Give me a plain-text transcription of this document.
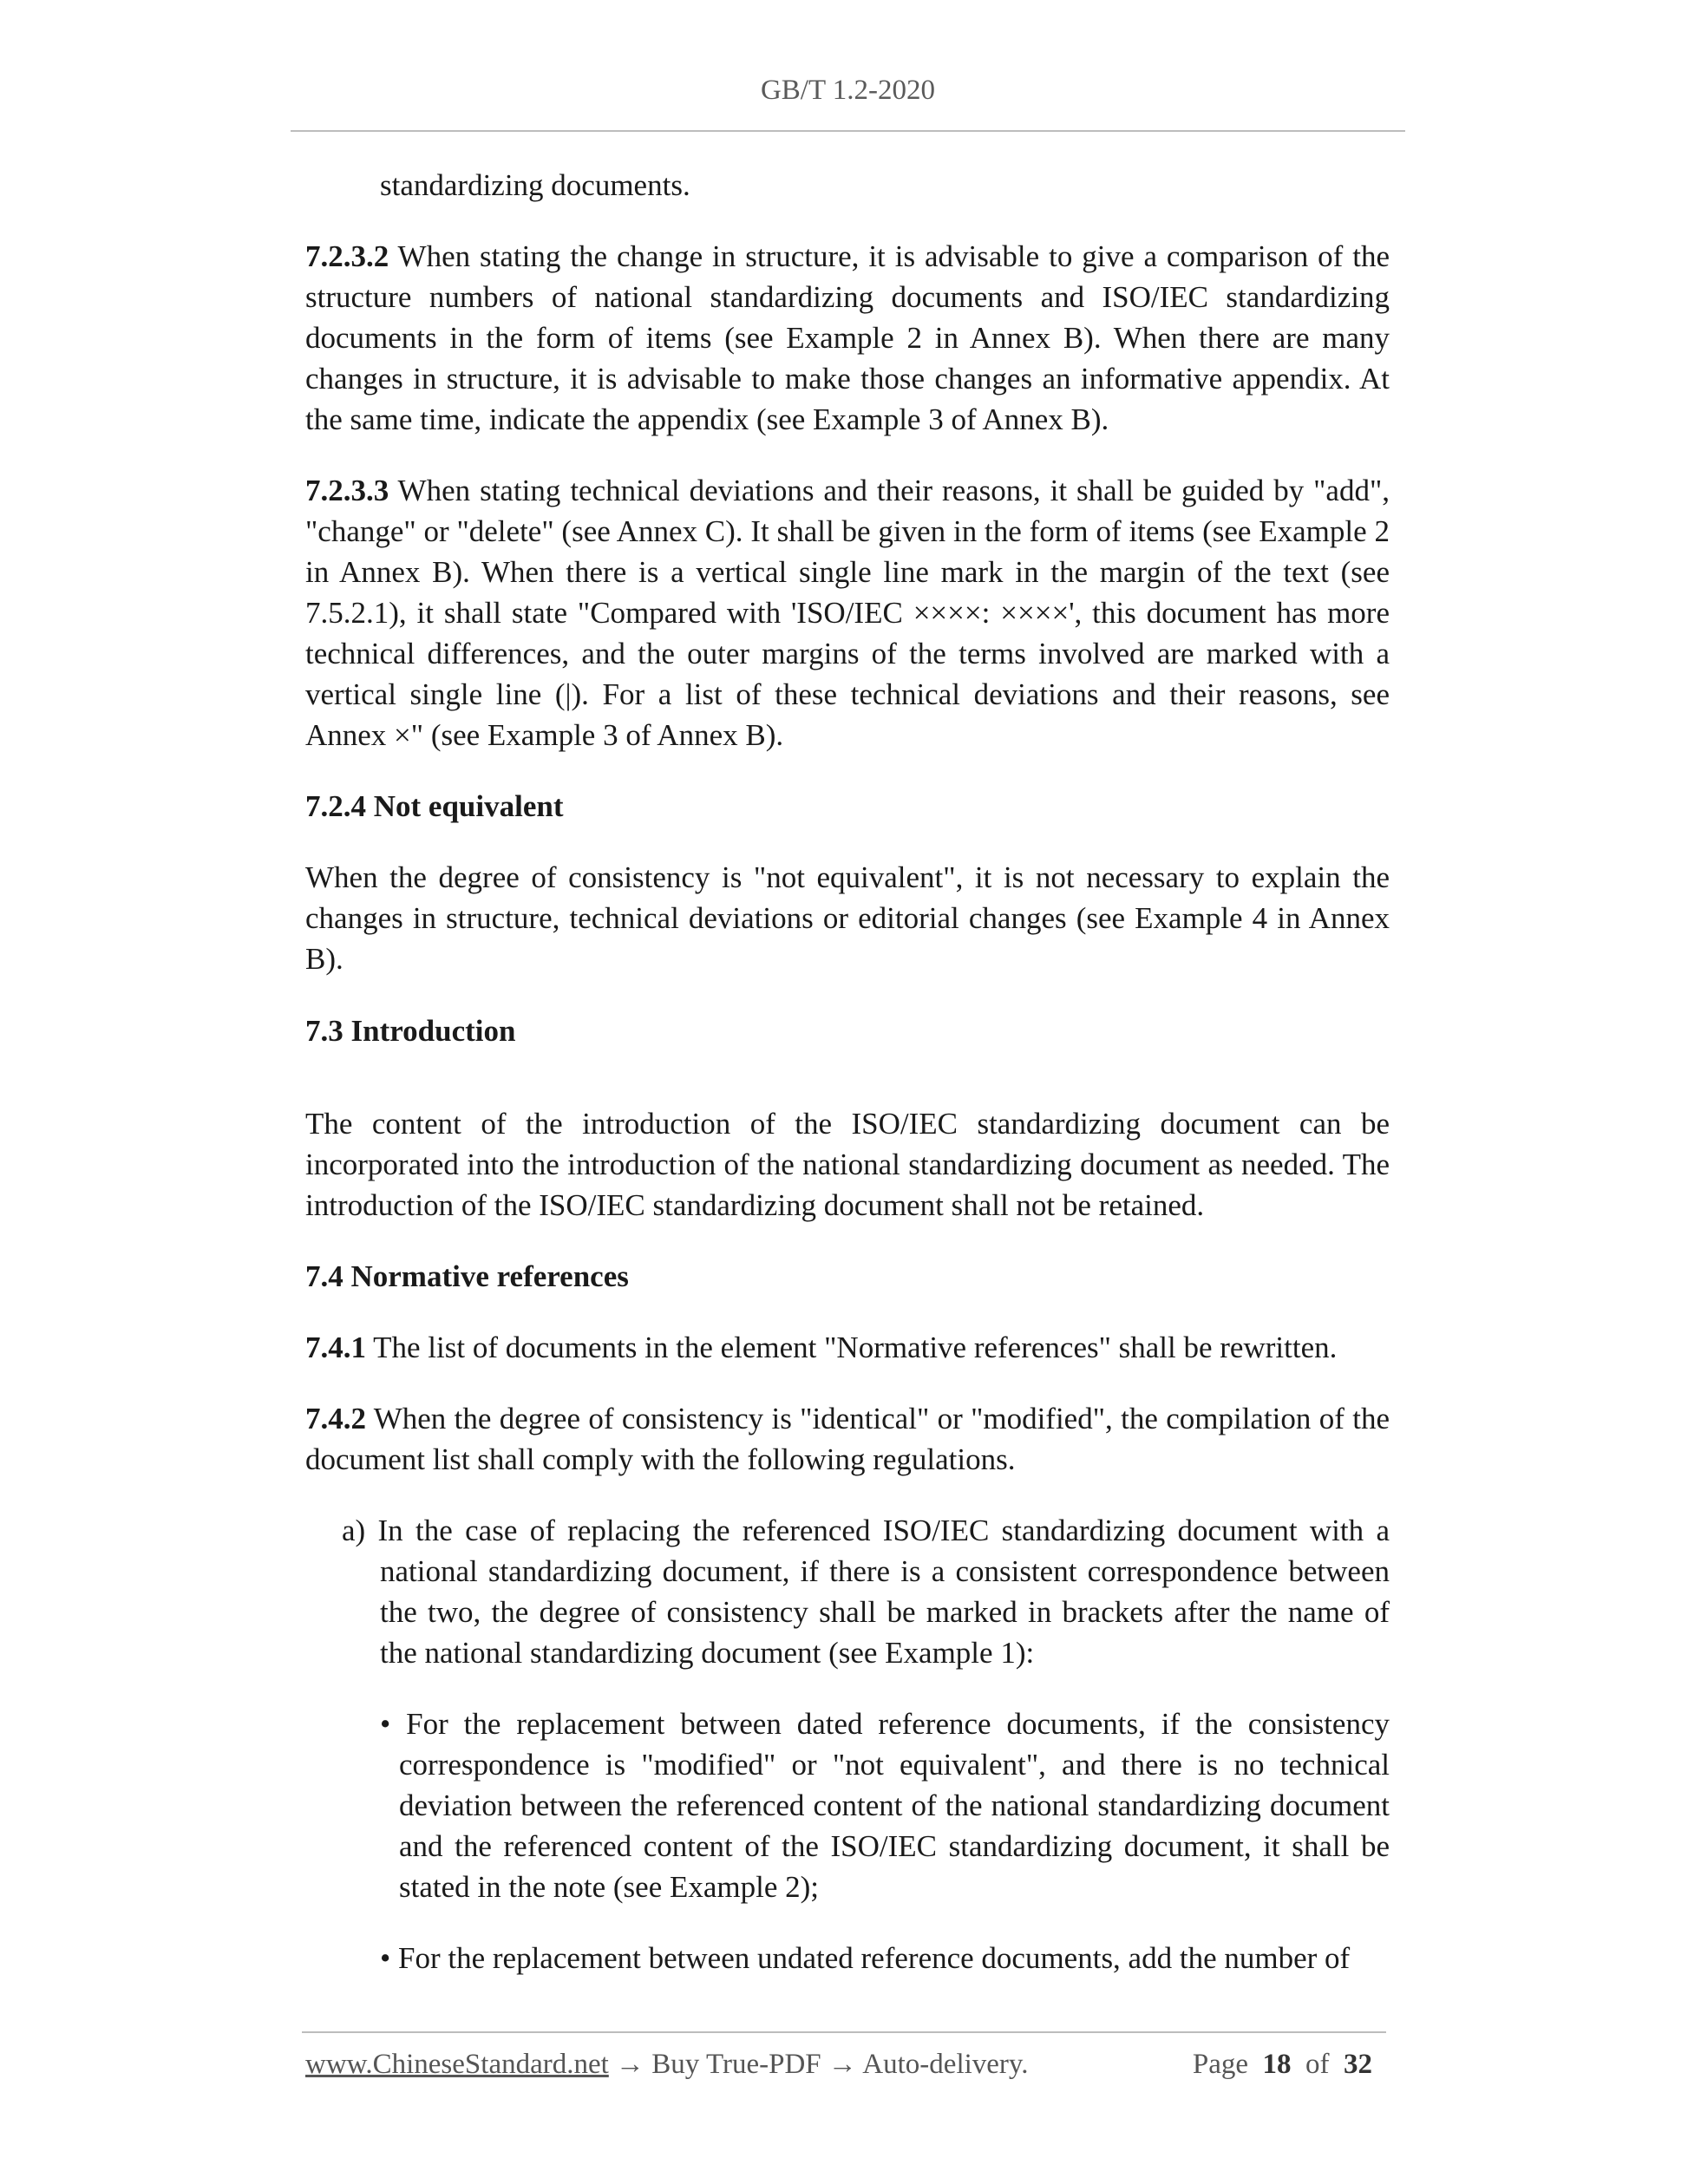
GB/T 1.2-2020

standardizing documents.

7.2.3.2 When stating the change in structure, it is advisable to give a comparison of the structure numbers of national standardizing documents and ISO/IEC standardizing documents in the form of items (see Example 2 in Annex B). When there are many changes in structure, it is advisable to make those changes an informative appendix. At the same time, indicate the appendix (see Example 3 of Annex B).

7.2.3.3 When stating technical deviations and their reasons, it shall be guided by "add", "change" or "delete" (see Annex C). It shall be given in the form of items (see Example 2 in Annex B). When there is a vertical single line mark in the margin of the text (see 7.5.2.1), it shall state "Compared with 'ISO/IEC ××××: ××××', this document has more technical differences, and the outer margins of the terms involved are marked with a vertical single line (|). For a list of these technical deviations and their reasons, see Annex ×" (see Example 3 of Annex B).

7.2.4 Not equivalent

When the degree of consistency is "not equivalent", it is not necessary to explain the changes in structure, technical deviations or editorial changes (see Example 4 in Annex B).

7.3 Introduction

The content of the introduction of the ISO/IEC standardizing document can be incorporated into the introduction of the national standardizing document as needed. The introduction of the ISO/IEC standardizing document shall not be retained.

7.4 Normative references

7.4.1 The list of documents in the element "Normative references" shall be rewritten.

7.4.2 When the degree of consistency is "identical" or "modified", the compilation of the document list shall comply with the following regulations.

a) In the case of replacing the referenced ISO/IEC standardizing document with a national standardizing document, if there is a consistent correspondence between the two, the degree of consistency shall be marked in brackets after the name of the national standardizing document (see Example 1):

• For the replacement between dated reference documents, if the consistency correspondence is "modified" or "not equivalent", and there is no technical deviation between the referenced content of the national standardizing document and the referenced content of the ISO/IEC standardizing document, it shall be stated in the note (see Example 2);

• For the replacement between undated reference documents, add the number of

www.ChineseStandard.net → Buy True-PDF → Auto-delivery.	Page 18 of 32
